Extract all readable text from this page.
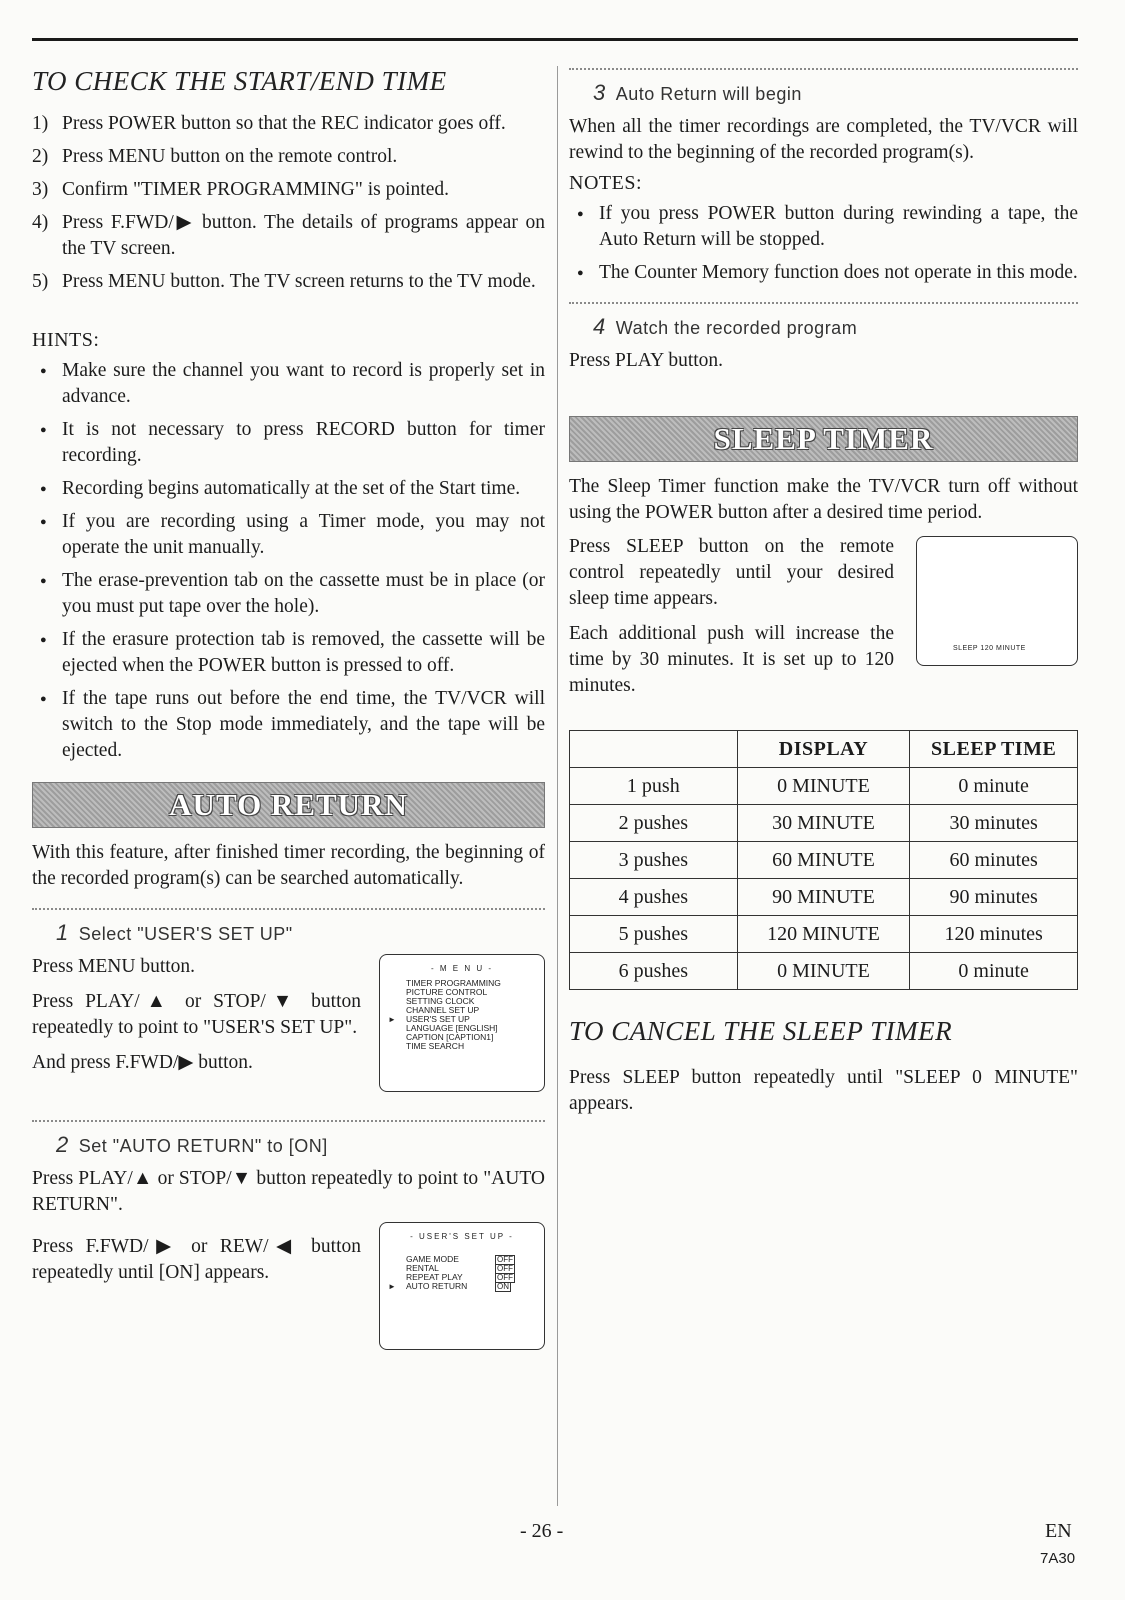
TO CHECK THE START/END TIME
1) Press POWER button so that the REC indicator goes off.
2) Press MENU button on the remote control.
3) Confirm "TIMER PROGRAMMING" is pointed.
4) Press F.FWD/▶ button. The details of programs appear on the TV screen.
5) Press MENU button. The TV screen returns to the TV mode.
HINTS:
● Make sure the channel you want to record is properly set in advance.
● It is not necessary to press RECORD button for timer recording.
● Recording begins automatically at the set of the Start time.
● If you are recording using a Timer mode, you may not operate the unit manually.
● The erase-prevention tab on the cassette must be in place (or you must put tape over the hole).
● If the erasure protection tab is removed, the cassette will be ejected when the POWER button is pressed to off.
● If the tape runs out before the end time, the TV/VCR will switch to the Stop mode immediately, and the tape will be ejected.
AUTO RETURN

With this feature, after finished timer recording, the beginning of the recorded program(s) can be searched automatically.

1 Select "USER'S SET UP"

Press MENU button.

Press PLAY/▲ or STOP/▼ button repeatedly to point to "USER'S SET UP".

And press F.FWD/▶ button.

- M E N U -
TIMER PROGRAMMING
PICTURE CONTROL
SETTING CLOCK
CHANNEL SET UP
► USER'S SET UP
LANGUAGE [ENGLISH]
CAPTION [CAPTION1]
TIME SEARCH
2 Set "AUTO RETURN" to [ON]

Press PLAY/▲ or STOP/▼ button repeatedly to point to "AUTO RETURN".

Press F.FWD/▶ or REW/◀ button repeatedly until [ON] appears.

- USER'S SET UP -
GAME MODE	OFF
RENTAL	OFF
REPEAT PLAY	OFF
► AUTO RETURN	ON
3 Auto Return will begin

When all the timer recordings are completed, the TV/VCR will rewind to the beginning of the recorded program(s).

NOTES:
● If you press POWER button during rewinding a tape, the Auto Return will be stopped.
● The Counter Memory function does not operate in this mode.
4 Watch the recorded program

Press PLAY button.

SLEEP TIMER

The Sleep Timer function make the TV/VCR turn off without using the POWER button after a desired time period.

Press SLEEP button on the remote control repeatedly until your desired sleep time appears.

Each additional push will increase the time by 30 minutes. It is set up to 120 minutes.

SLEEP 120 MINUTE
	DISPLAY	SLEEP TIME
1 push	0 MINUTE	0 minute
2 pushes	30 MINUTE	30 minutes
3 pushes	60 MINUTE	60 minutes
4 pushes	90 MINUTE	90 minutes
5 pushes	120 MINUTE	120 minutes
6 pushes	0 MINUTE	0 minute
TO CANCEL THE SLEEP TIMER

Press SLEEP button repeatedly until "SLEEP 0 MINUTE" appears.

- 26 -	EN
7A30
